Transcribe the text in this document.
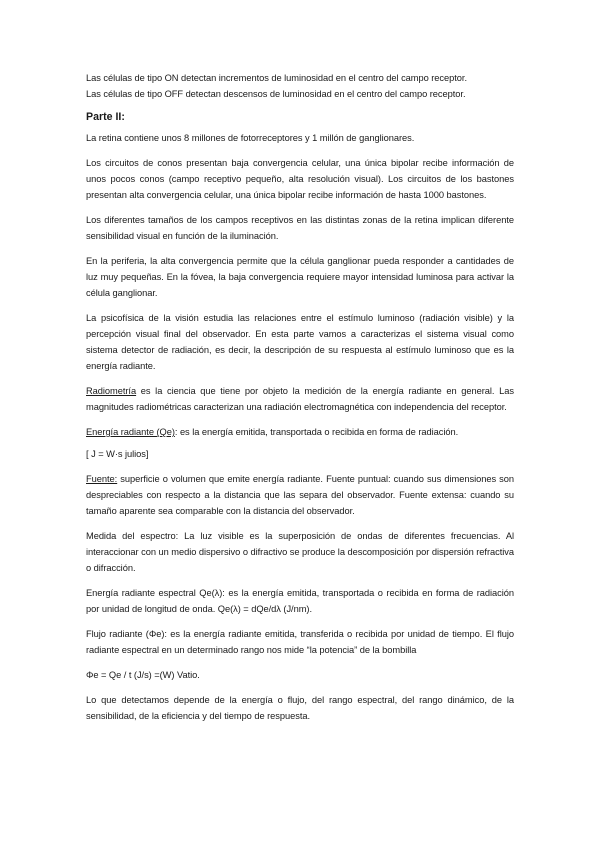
Las células de tipo ON detectan incrementos de luminosidad en el centro del campo receptor.

Las células de tipo OFF detectan descensos de luminosidad en el centro del campo receptor.

Parte II:

La retina contiene unos 8 millones de fotorreceptores y 1 millón de ganglionares.

Los circuitos de conos presentan baja convergencia celular, una única bipolar recibe información de unos pocos conos (campo receptivo pequeño, alta resolución visual). Los circuitos de los bastones presentan alta convergencia celular, una única bipolar recibe información de hasta 1000 bastones.

Los diferentes tamaños de los campos receptivos en las distintas zonas de la retina implican diferente sensibilidad visual en función de la iluminación.

En la periferia, la alta convergencia permite que la célula ganglionar pueda responder a cantidades de luz muy pequeñas. En la fóvea, la baja convergencia requiere mayor intensidad luminosa para activar la célula ganglionar.

La psicofísica de la visión estudia las relaciones entre el estímulo luminoso (radiación visible) y la percepción visual final del observador. En esta parte vamos a caracterizas el sistema visual como sistema detector de radiación, es decir, la descripción de su respuesta al estímulo luminoso que es la energía radiante.

Radiometría es la ciencia que tiene por objeto la medición de la energía radiante en general. Las magnitudes radiométricas caracterizan una radiación electromagnética con independencia del receptor.

Energía radiante (Qe): es la energía emitida, transportada o recibida en forma de radiación.

[ J = W·s julios]

Fuente: superficie o volumen que emite energía radiante. Fuente puntual: cuando sus dimensiones son despreciables con respecto a la distancia que las separa del observador. Fuente extensa: cuando su tamaño aparente sea comparable con la distancia del observador.

Medida del espectro: La luz visible es la superposición de ondas de diferentes frecuencias. Al interaccionar con un medio dispersivo o difractivo se produce la descomposición por dispersión refractiva o difracción.

Energía radiante espectral Qe(λ): es la energía emitida, transportada o recibida en forma de radiación por unidad de longitud de onda. Qe(λ) = dQe/dλ (J/nm).

Flujo radiante (Φe): es la energía radiante emitida, transferida o recibida por unidad de tiempo. El flujo radiante espectral en un determinado rango nos mide “la potencia” de la bombilla

Φe = Qe / t (J/s) =(W) Vatio.

Lo que detectamos depende de la energía o flujo, del rango espectral, del rango dinámico, de la sensibilidad, de la eficiencia y del tiempo de respuesta.
